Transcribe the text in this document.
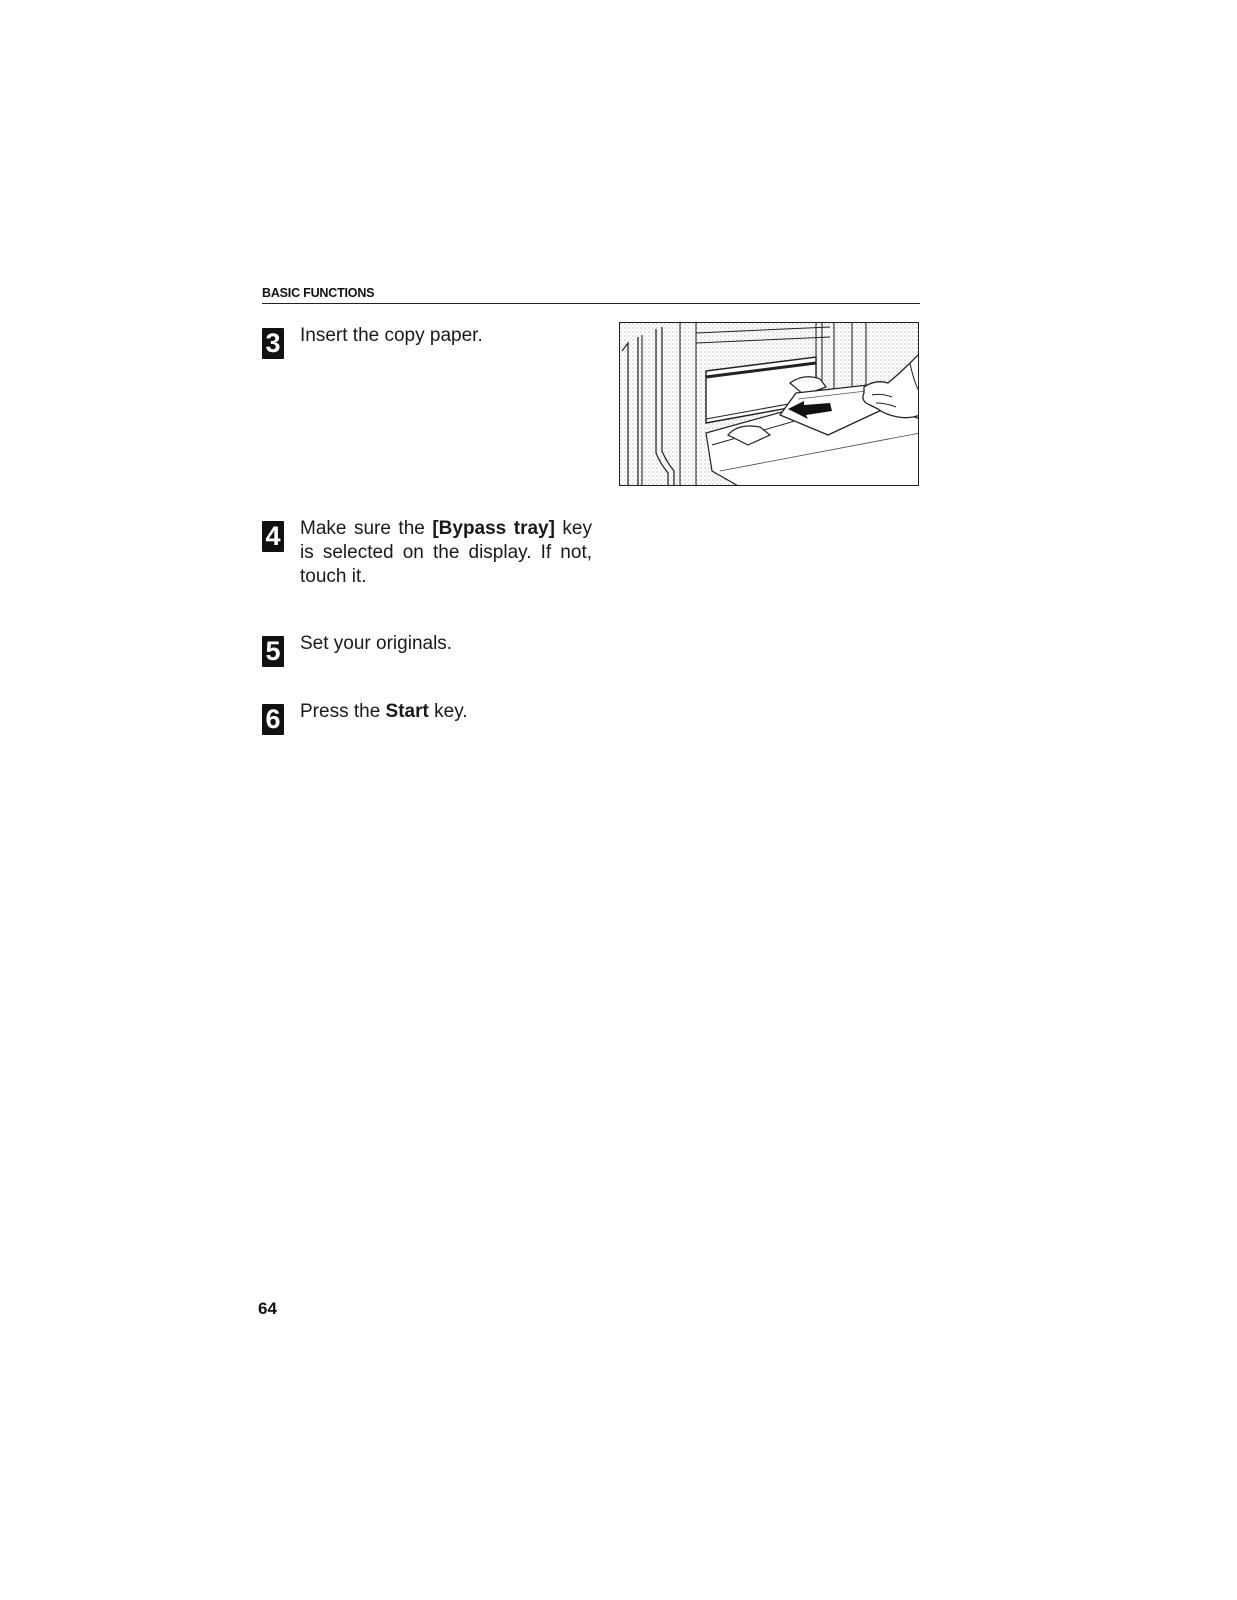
BASIC FUNCTIONS
3 Insert the copy paper.
4 Make sure the [Bypass tray] key is selected on the display. If not, touch it.
5 Set your originals.
6 Press the Start key.
64
